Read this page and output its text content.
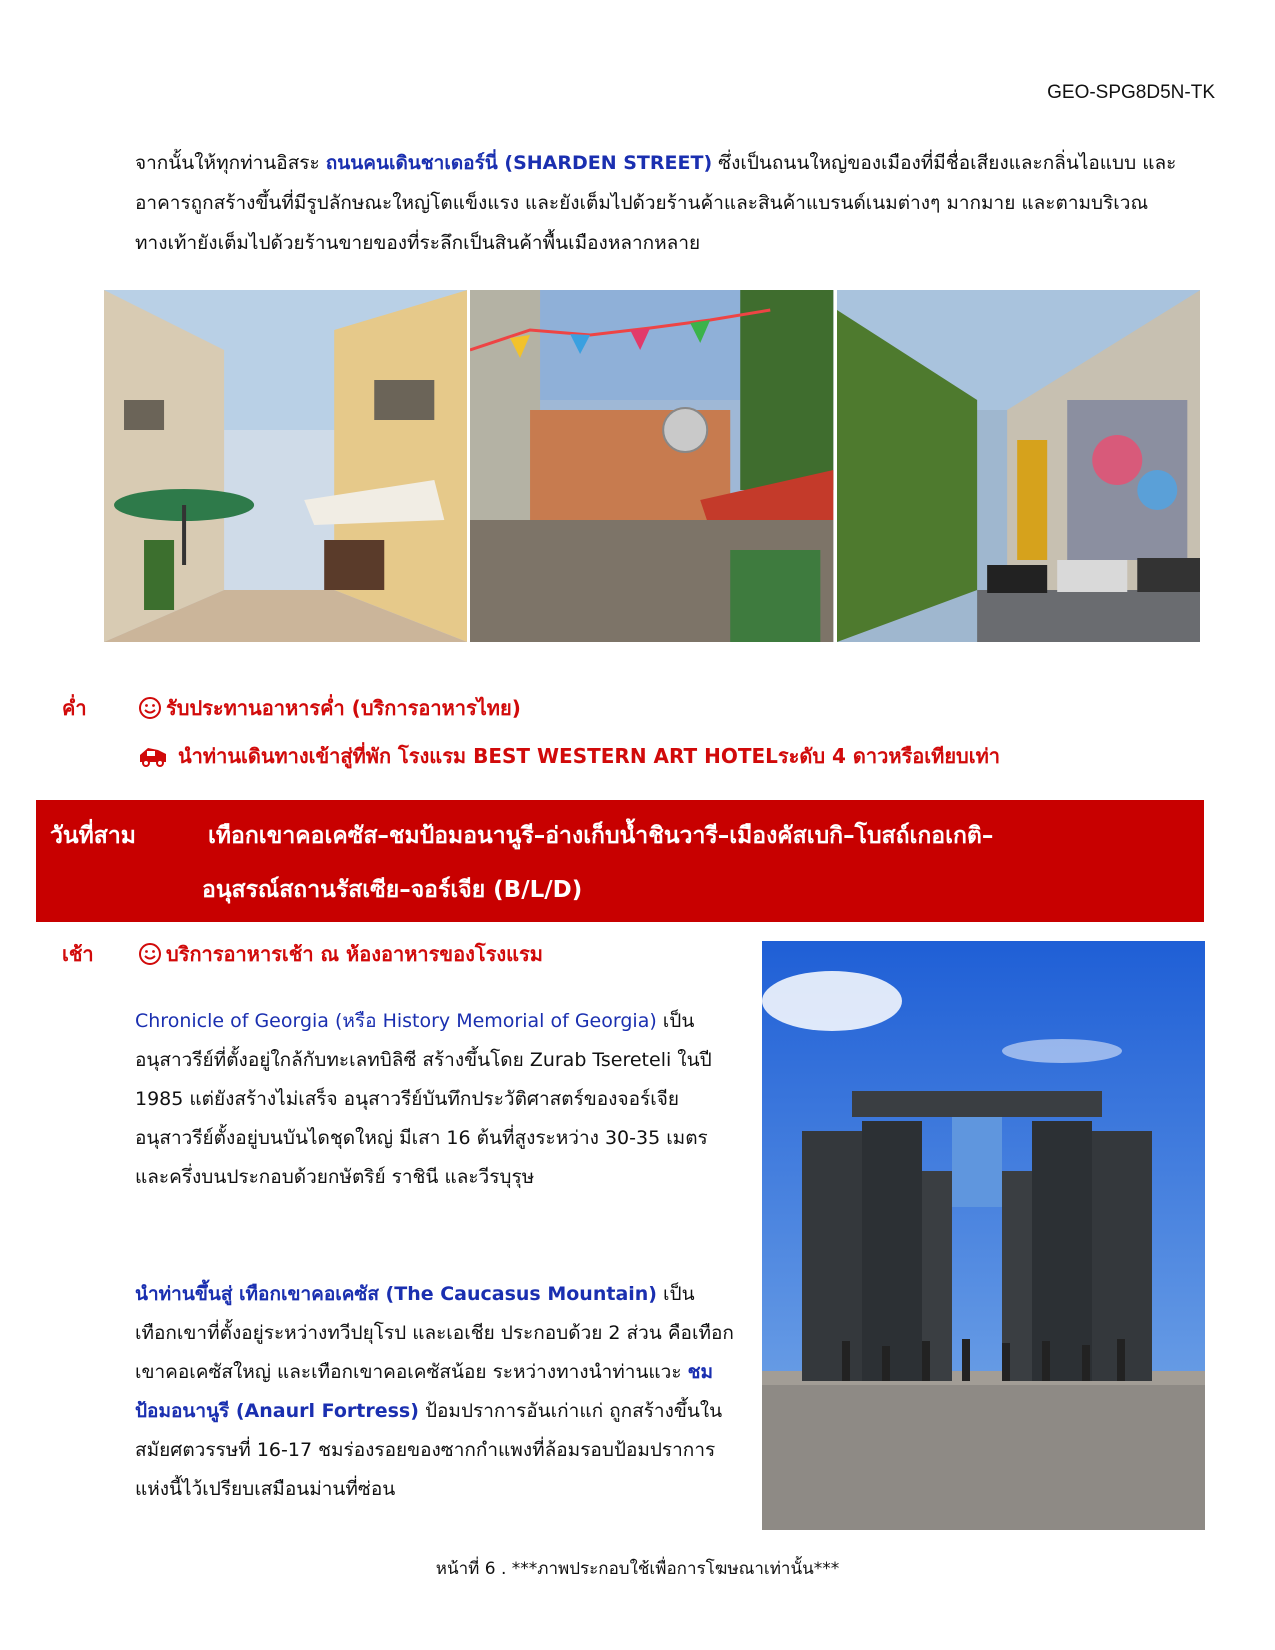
GEO-SPG8D5N-TK

จากนั้นให้ทุกท่านอิสระ ถนนคนเดินชาเดอร์นี่ (SHARDEN STREET) ซึ่งเป็นถนนใหญ่ของเมืองที่มีชื่อเสียงและกลิ่นไอแบบ และอาคารถูกสร้างขึ้นที่มีรูปลักษณะใหญ่โตแข็งแรง และยังเต็มไปด้วยร้านค้าและสินค้าแบรนด์เนมต่างๆ มากมาย และตามบริเวณทางเท้ายังเต็มไปด้วยร้านขายของที่ระลึกเป็นสินค้าพื้นเมืองหลากหลาย

ค่ำ	รับประทานอาหารค่ำ (บริการอาหารไทย)
นำท่านเดินทางเข้าสู่ที่พัก โรงแรม BEST WESTERN ART HOTELระดับ 4 ดาวหรือเทียบเท่า
วันที่สาม	เทือกเขาคอเคซัส–ชมป้อมอนานูรี–อ่างเก็บน้ำชินวารี–เมืองคัสเบกิ–โบสถ์เกอเกติ–
อนุสรณ์สถานรัสเซีย–จอร์เจีย (B/L/D)
เช้า	บริการอาหารเช้า ณ ห้องอาหารของโรงแรม

Chronicle of Georgia (หรือ History Memorial of Georgia) เป็นอนุสาวรีย์ที่ตั้งอยู่ใกล้กับทะเลทบิลิซี สร้างขึ้นโดย Zurab Tsereteli ในปี 1985 แต่ยังสร้างไม่เสร็จ อนุสาวรีย์บันทึกประวัติศาสตร์ของจอร์เจีย อนุสาวรีย์ตั้งอยู่บนบันไดชุดใหญ่ มีเสา 16 ต้นที่สูงระหว่าง 30-35 เมตร และครึ่งบนประกอบด้วยกษัตริย์ ราชินี และวีรบุรุษ

นำท่านขึ้นสู่ เทือกเขาคอเคซัส (The Caucasus Mountain) เป็นเทือกเขาที่ตั้งอยู่ระหว่างทวีปยุโรป และเอเชีย ประกอบด้วย 2 ส่วน คือเทือกเขาคอเคซัสใหญ่ และเทือกเขาคอเคซัสน้อย ระหว่างทางนำท่านแวะ ชมป้อมอนานูรี (Anaurl Fortress) ป้อมปราการอันเก่าแก่ ถูกสร้างขึ้นในสมัยศตวรรษที่ 16-17 ชมร่องรอยของซากกำแพงที่ล้อมรอบป้อมปราการแห่งนี้ไว้เปรียบเสมือนม่านที่ซ่อน

หน้าที่ 6 . ***ภาพประกอบใช้เพื่อการโฆษณาเท่านั้น***
